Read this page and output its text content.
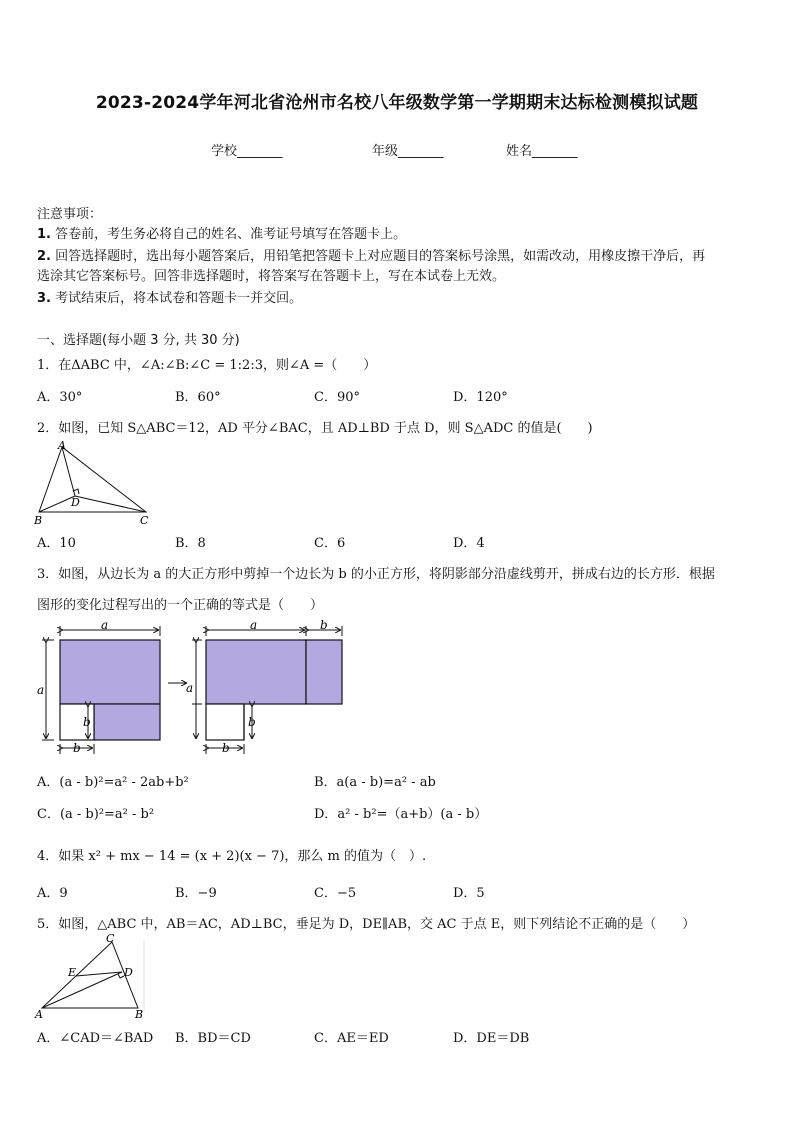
2023-2024学年河北省沧州市名校八年级数学第一学期期末达标检测模拟试题
学校_______	年级_______	姓名_______
注意事项：
1. 答卷前，考生务必将自己的姓名、准考证号填写在答题卡上。
2. 回答选择题时，选出每小题答案后，用铅笔把答题卡上对应题目的答案标号涂黑，如需改动，用橡皮擦干净后，再
选涂其它答案标号。回答非选择题时，将答案写在答题卡上，写在本试卷上无效。
3. 考试结束后，将本试卷和答题卡一并交回。
一、选择题(每小题 3 分, 共 30 分)
1．在ΔABC 中，∠A:∠B:∠C = 1:2:3，则∠A =（　　）
A．30°	B．60°	C．90°	D．120°
2．如图，已知 S△ABC＝12，AD 平分∠BAC，且 AD⊥BD 于点 D，则 S△ADC 的值是(　　)
A
B	C
D
A．10	B．8	C．6	D．4
3．如图，从边长为 a 的大正方形中剪掉一个边长为 b 的小正方形，将阴影部分沿虚线剪开，拼成右边的长方形．根据
图形的变化过程写出的一个正确的等式是（　　）
a
a
b
b
a	b
a
b
b
A．(a - b)²=a² - 2ab+b²	B．a(a - b)=a² - ab
C．(a - b)²=a² - b²	D．a² - b²=（a+b）(a - b）
4．如果 x² + mx − 14 = (x + 2)(x − 7)，那么 m 的值为（　）.
A．9	B．−9	C．−5	D．5
5．如图，△ABC 中，AB＝AC，AD⊥BC，垂足为 D，DE∥AB，交 AC 于点 E，则下列结论不正确的是（　　）
C
E	D
A	B
A．∠CAD＝∠BAD B．BD＝CD	C．AE＝ED	D．DE＝DB
